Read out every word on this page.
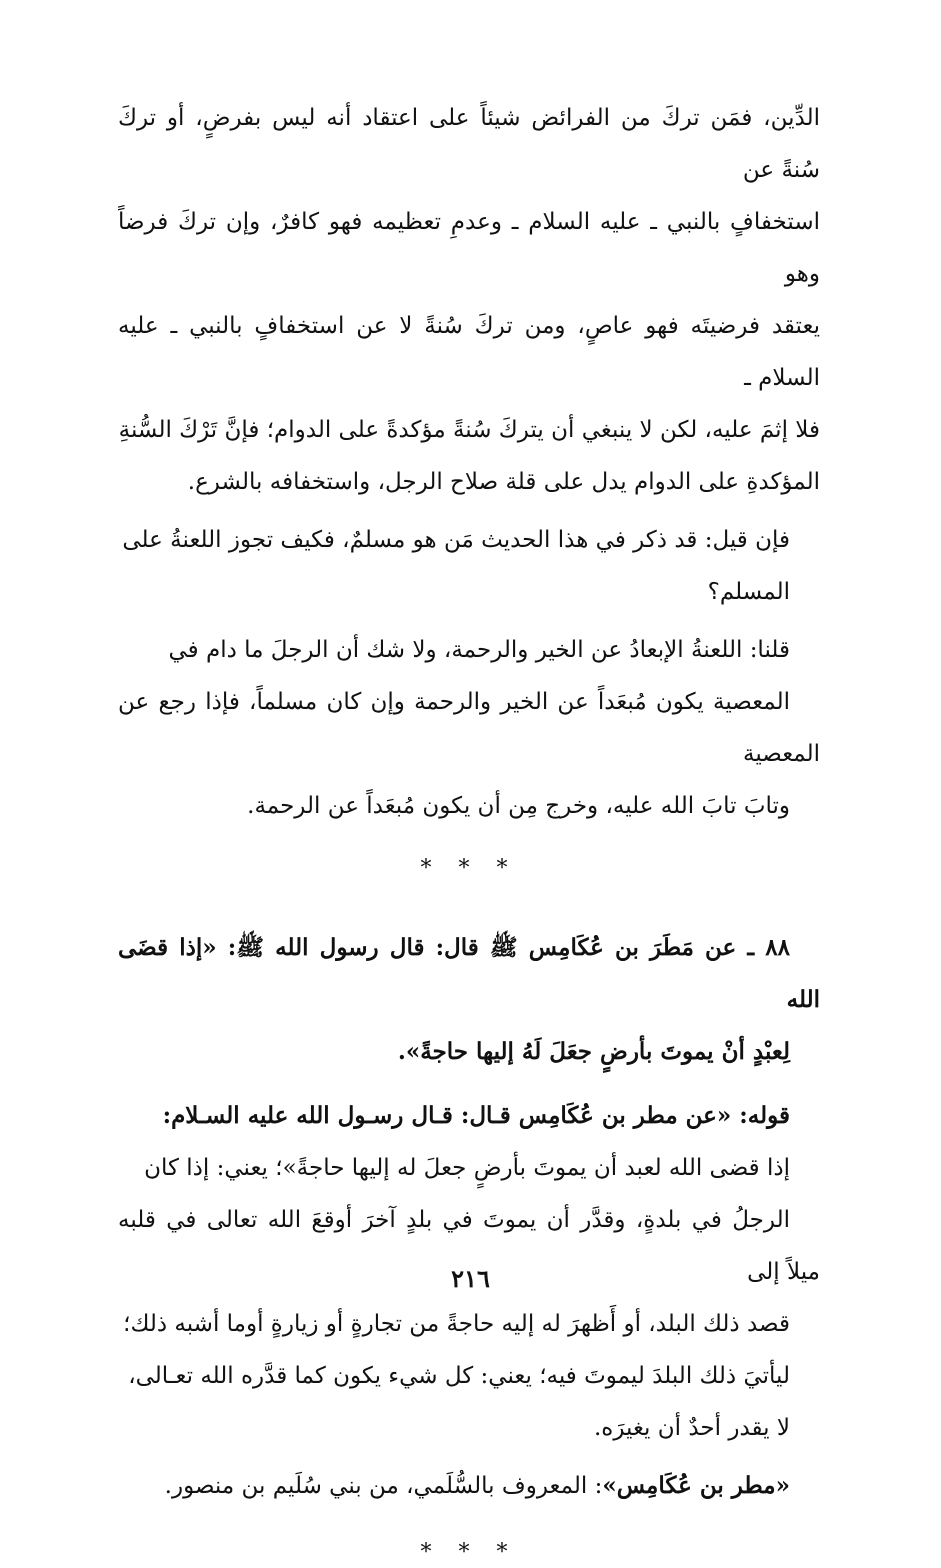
الدِّين، فمَن تركَ من الفرائض شيئاً على اعتقاد أنه ليس بفرضٍ، أو تركَ سُنةً عن
استخفافٍ بالنبي ـ عليه السلام ـ وعدمِ تعظيمه فهو كافرٌ، وإن تركَ فرضاً وهو
يعتقد فرضيتَه فهو عاصٍ، ومن تركَ سُنةً لا عن استخفافٍ بالنبي ـ عليه السلام ـ
فلا إثمَ عليه، لكن لا ينبغي أن يتركَ سُنةً مؤكدةً على الدوام؛ فإنَّ تَرْكَ السُّنةِ
المؤكدةِ على الدوام يدل على قلة صلاح الرجل، واستخفافه بالشرع.

فإن قيل: قد ذكر في هذا الحديث مَن هو مسلمٌ، فكيف تجوز اللعنةُ على
المسلم؟

قلنا: اللعنةُ الإبعادُ عن الخير والرحمة، ولا شك أن الرجلَ ما دام في
المعصية يكون مُبعَداً عن الخير والرحمة وإن كان مسلماً، فإذا رجع عن المعصية
وتابَ تابَ الله عليه، وخرج مِن أن يكون مُبعَداً عن الرحمة.

* * *

٨٨ ـ عن مَطَرَ بن عُكَامِس ﷺ قال: قال رسول الله ﷺ: «إذا قضَى الله
لِعبْدٍ أنْ يموتَ بأرضٍ جعَلَ لَهُ إليها حاجةً».

قوله: «عن مطر بن عُكَامِس قـال: قـال رسـول الله عليه السـلام:
إذا قضى الله لعبد أن يموتَ بأرضٍ جعلَ له إليها حاجةً»؛ يعني: إذا كان
الرجلُ في بلدةٍ، وقدَّر أن يموتَ في بلدٍ آخرَ أوقعَ الله تعالى في قلبه ميلاً إلى
قصد ذلك البلد، أو أَظهرَ له إليه حاجةً من تجارةٍ أو زيارةٍ أوما أشبه ذلك؛
ليأتيَ ذلك البلدَ ليموتَ فيه؛ يعني: كل شيء يكون كما قدَّره الله تعـالى،
لا يقدر أحدٌ أن يغيرَه.

«مطر بن عُكَامِس»: المعروف بالسُّلَمي، من بني سُلَيم بن منصور.

* * *
٢١٦
